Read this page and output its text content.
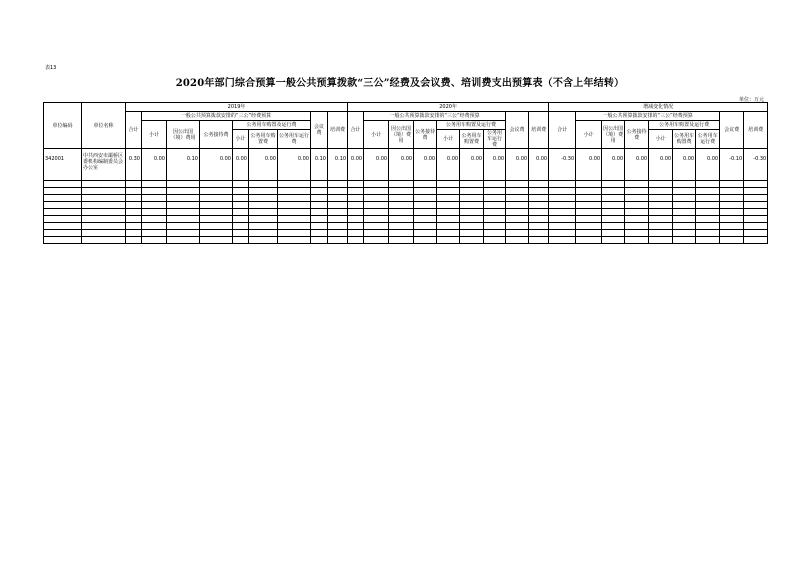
表13
2020年部门综合预算一般公共预算拨款“三公”经费及会议费、培训费支出预算表（不含上年结转）
单位：万元
单位编码	单位名称	2019年									2020年									增减变化情况								
		合计	一般公共预算拨款安排的“三公”经费预算						会议费	培训费	合计	一般公共预算拨款安排的“三公”经费预算						会议费	培训费	合计	一般公共预算拨款安排的“三公”经费预算						会议费	培训费
			小计	因公出国（境）费用	公务接待费	公务用车购置及运行费						小计	因公出国（境）费用	公务接待费	公务用车购置及运行费						小计	因公出国（境）费用	公务接待费	公务用车购置及运行费				
						小计	公务用车购置费	公务用车运行费							小计	公务用车购置费	公务用车运行费							小计	公务用车购置费	公务用车运行费		
342001	中共西安市灞桥区委机构编制委员会办公室	0.30	0.00	0.10	0.00	0.00	0.00	0.00	0.10	0.10	0.00	0.00	0.00	0.00	0.00	0.00	0.00	0.00	0.00	-0.30	0.00	0.00	0.00	0.00	0.00	0.00	-0.10	-0.30
